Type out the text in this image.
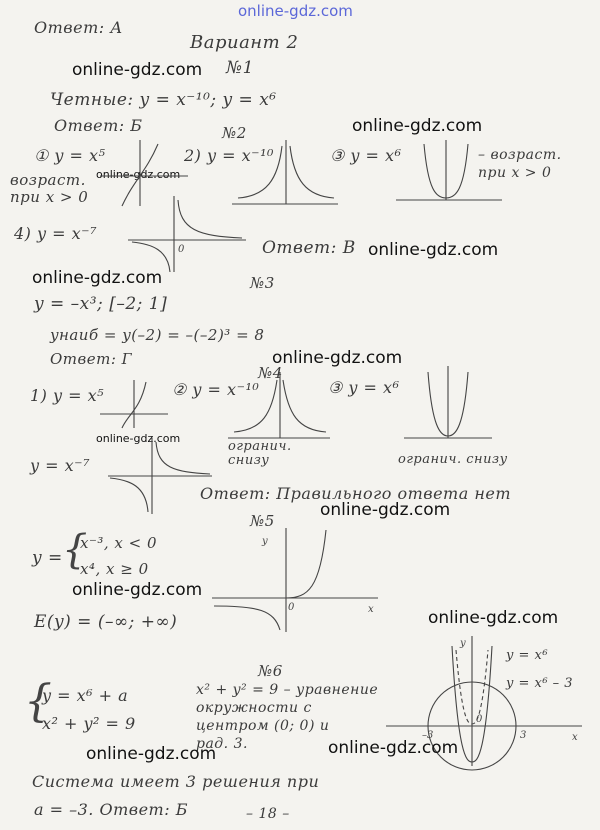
online-gdz.com
Ответ: А
Вариант 2
№1
online-gdz.com
Четные: y = x⁻¹⁰; y = x⁶
Ответ: Б	online-gdz.com
№2
① y = x⁵
возраст. при x > 0
online-gdz.com
2) y = x⁻¹⁰	③ y = x⁶	– возраст. при x > 0
4) y = x⁻⁷
0	Ответ: В online-gdz.com
online-gdz.com	№3
y = –x³; [–2; 1]
yнаиб = y(–2) = –(–2)³ = 8
online-gdz.com
Ответ: Г
№4
1) y = x⁵
online-gdz.com
② y = x⁻¹⁰
огранич. снизу
③ y = x⁶
огранич. снизу
y = x⁻⁷
Ответ: Правильного ответа нет
online-gdz.com
№5
y = {
x⁻³, x < 0
x⁴, x ≥ 0
0
y
x
online-gdz.com
E(y) = (–∞; +∞)	online-gdz.com
№6
{
y = x⁶ + a
x² + y² = 9
x² + y² = 9 – уравнение
окружности с
центром (0; 0) и
рад. 3.
y
–3	3	x
0
y = x⁶
y = x⁶ – 3
online-gdz.com	online-gdz.com
Система имеет 3 решения при
a = –3. Ответ: Б	– 18 –
